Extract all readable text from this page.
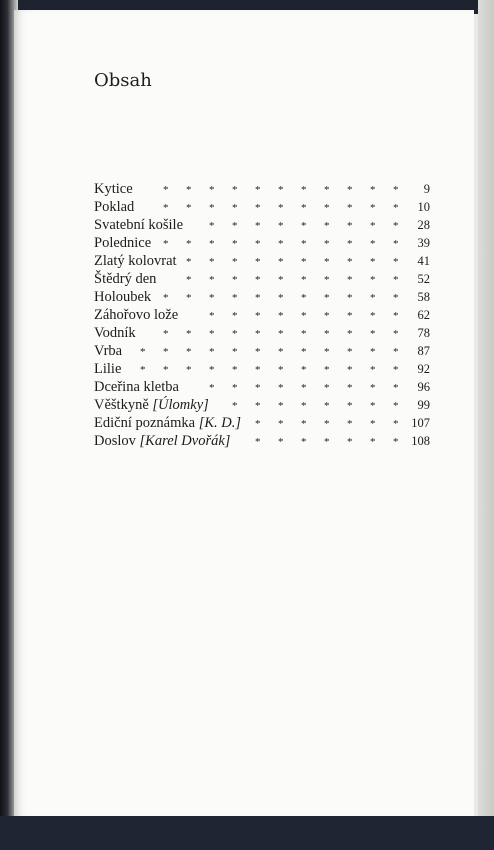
Obsah
Kytice	* * * * * * * * * * * 9
Poklad	* * * * * * * * * * * 10
Svatební košile * * * * * * * * * 28
Polednice * * * * * * * * * * * 39
Zlatý kolovrat * * * * * * * * * * 41
Štědrý den	* * * * * * * * * * 52
Holoubek * * * * * * * * * * * 58
Záhořovo lože	* * * * * * * * * 62
Vodník * * * * * * * * * * * 78
Vrba * * * * * * * * * * * * 87
Lilie * * * * * * * * * * * * 92
Dceřina kletba	* * * * * * * * * 96
Věštkyně [Úlomky] * * * * * * * * 99
Ediční poznámka [K. D.] * * * * * * * 107
Doslov [Karel Dvořák] * * * * * * * 108
